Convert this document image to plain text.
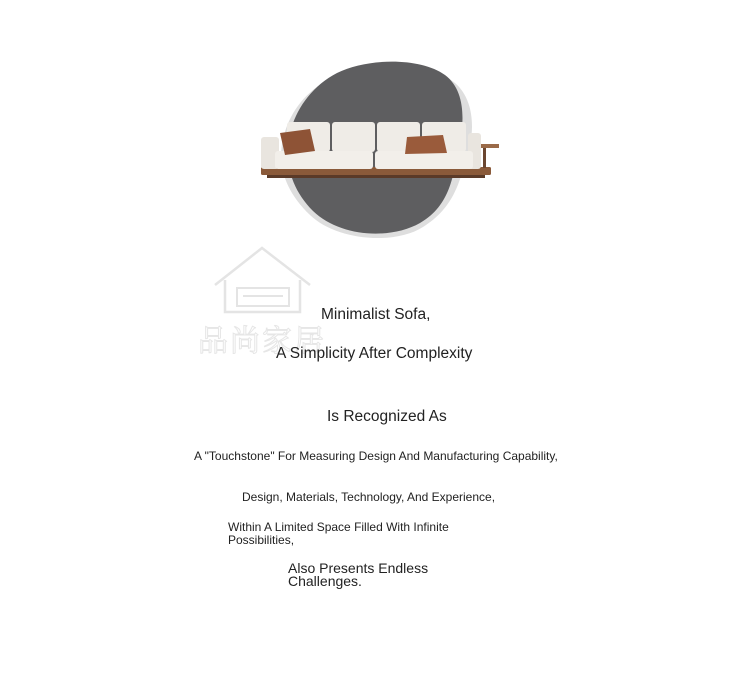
品尚家居
Minimalist Sofa,
A Simplicity After Complexity
Is Recognized As
A "Touchstone" For Measuring Design And Manufacturing Capability,
Design, Materials, Technology, And Experience,
Within A Limited Space Filled With Infinite Possibilities,
Also Presents Endless Challenges.
